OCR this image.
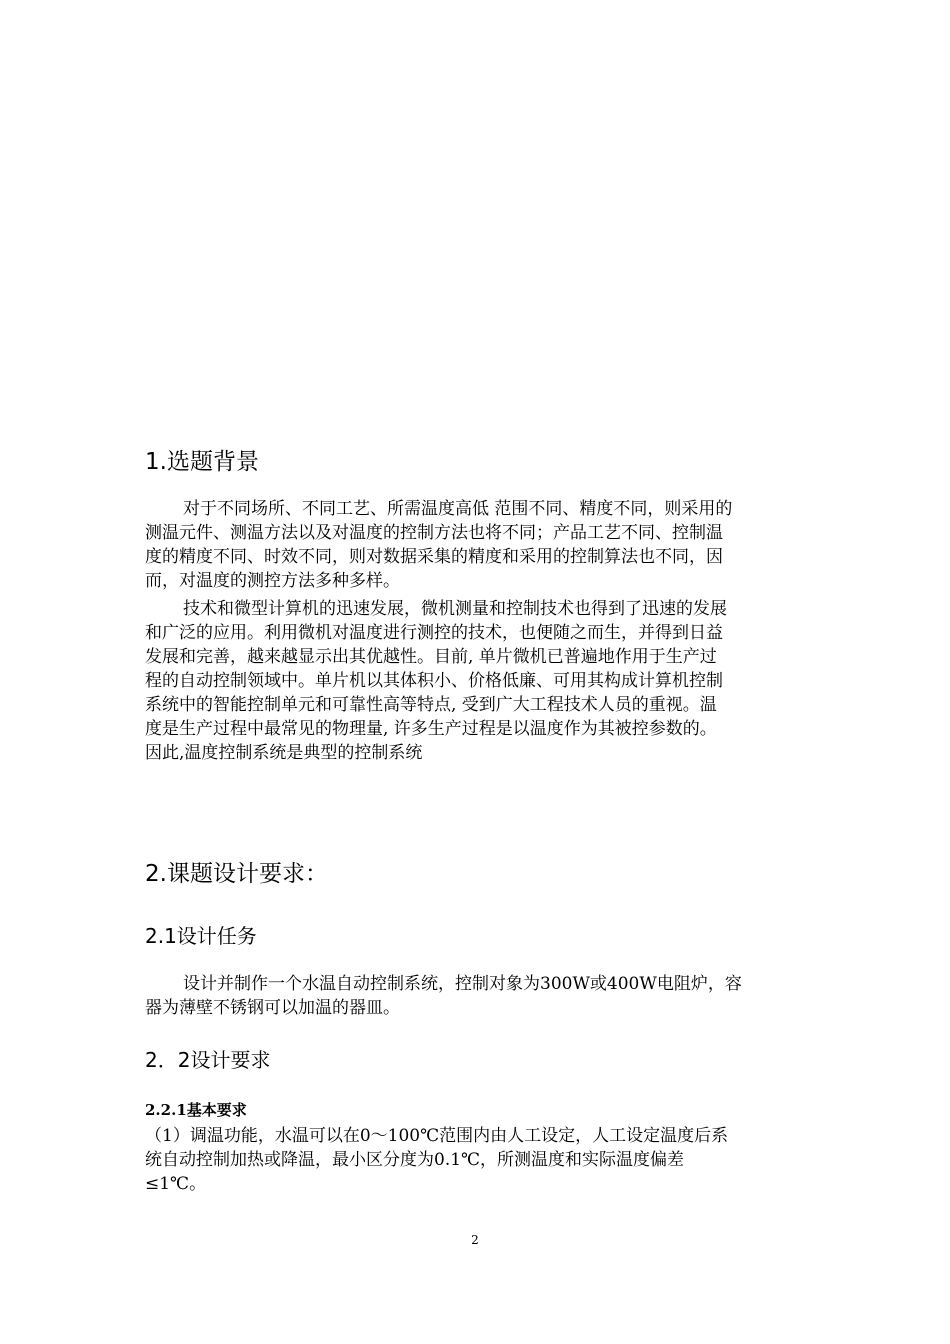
1.选题背景

对于不同场所、不同工艺、所需温度高低 范围不同、精度不同，则采用的
测温元件、测温方法以及对温度的控制方法也将不同；产品工艺不同、控制温
度的精度不同、时效不同，则对数据采集的精度和采用的控制算法也不同，因
而，对温度的测控方法多种多样。

技术和微型计算机的迅速发展，微机测量和控制技术也得到了迅速的发展
和广泛的应用。利用微机对温度进行测控的技术，也便随之而生，并得到日益
发展和完善，越来越显示出其优越性。目前, 单片微机已普遍地作用于生产过
程的自动控制领域中。单片机以其体积小、价格低廉、可用其构成计算机控制
系统中的智能控制单元和可靠性高等特点, 受到广大工程技术人员的重视。温
度是生产过程中最常见的物理量, 许多生产过程是以温度作为其被控参数的。
因此,温度控制系统是典型的控制系统

2.课题设计要求：
2.1设计任务

设计并制作一个水温自动控制系统，控制对象为300W或400W电阻炉，容
器为薄壁不锈钢可以加温的器皿。

2．2设计要求
2.2.1基本要求

（1）调温功能，水温可以在0～100℃范围内由人工设定，人工设定温度后系
统自动控制加热或降温，最小区分度为0.1℃，所测温度和实际温度偏差
≤1℃。

2
